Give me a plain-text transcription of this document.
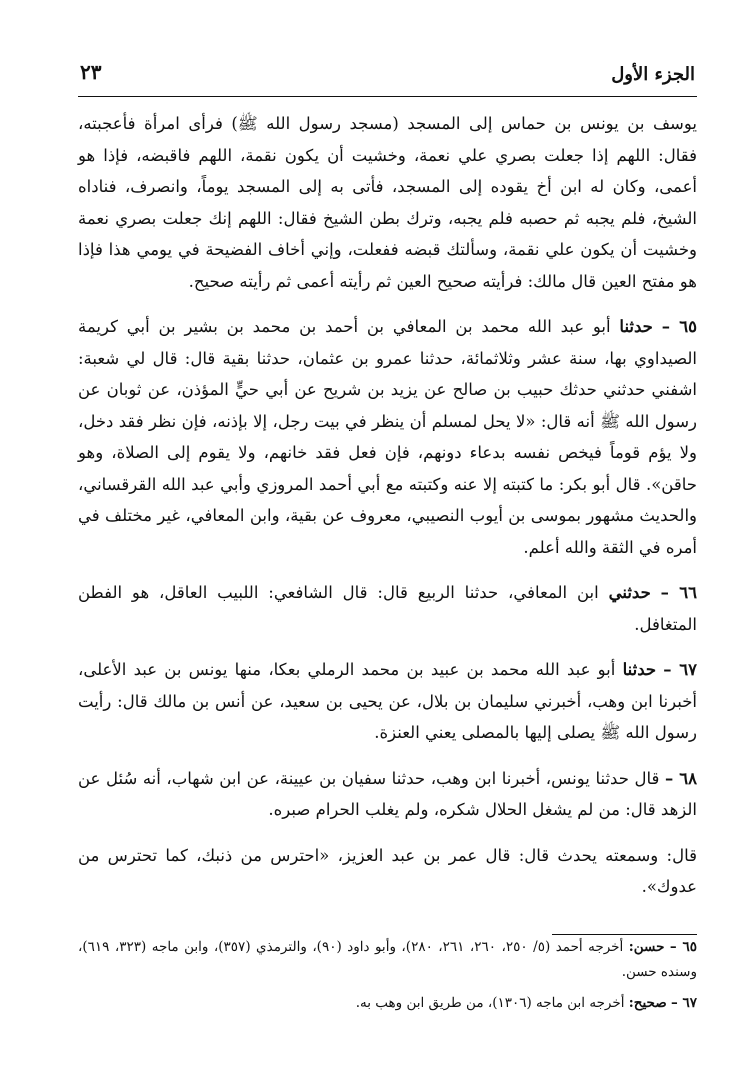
الجزء الأول
٢٣

يوسف بن يونس بن حماس إلى المسجد (مسجد رسول الله ﷺ) فرأى امرأة فأعجبته، فقال: اللهم إذا جعلت بصري علي نعمة، وخشيت أن يكون نقمة، اللهم فاقبضه، فإذا هو أعمى، وكان له ابن أخ يقوده إلى المسجد، فأتى به إلى المسجد يوماً، وانصرف، فناداه الشيخ، فلم يجبه ثم حصبه فلم يجبه، وترك بطن الشيخ فقال: اللهم إنك جعلت بصري نعمة وخشيت أن يكون علي نقمة، وسألتك قبضه ففعلت، وإني أخاف الفضيحة في يومي هذا فإذا هو مفتح العين قال مالك: فرأيته صحيح العين ثم رأيته أعمى ثم رأيته صحيح.

٦٥ – حدثنا أبو عبد الله محمد بن المعافي بن أحمد بن محمد بن بشير بن أبي كريمة الصيداوي بها، سنة عشر وثلاثمائة، حدثنا عمرو بن عثمان، حدثنا بقية قال: قال لي شعبة: اشفني حدثني حدثك حبيب بن صالح عن يزيد بن شريح عن أبي حيٍّ المؤذن، عن ثوبان عن رسول الله ﷺ أنه قال: «لا يحل لمسلم أن ينظر في بيت رجل، إلا بإذنه، فإن نظر فقد دخل، ولا يؤم قوماً فيخص نفسه بدعاء دونهم، فإن فعل فقد خانهم، ولا يقوم إلى الصلاة، وهو حاقن». قال أبو بكر: ما كتبته إلا عنه وكتبته مع أبي أحمد المروزي وأبي عبد الله القرقساني، والحديث مشهور بموسى بن أيوب النصيبي، معروف عن بقية، وابن المعافي، غير مختلف في أمره في الثقة والله أعلم.

٦٦ – حدثني ابن المعافي، حدثنا الربيع قال: قال الشافعي: اللبيب العاقل، هو الفطن المتغافل.

٦٧ – حدثنا أبو عبد الله محمد بن عبيد بن محمد الرملي بعكا، منها يونس بن عبد الأعلى، أخبرنا ابن وهب، أخبرني سليمان بن بلال، عن يحيى بن سعيد، عن أنس بن مالك قال: رأيت رسول الله ﷺ يصلى إليها بالمصلى يعني العنزة.

٦٨ – قال حدثنا يونس، أخبرنا ابن وهب، حدثنا سفيان بن عيينة، عن ابن شهاب، أنه سُئل عن الزهد قال: من لم يشغل الحلال شكره، ولم يغلب الحرام صبره.

قال: وسمعته يحدث قال: قال عمر بن عبد العزيز، «احترس من ذنبك، كما تحترس من عدوك».

٦٥ – حسن: أخرجه أحمد (٥/ ٢٥٠، ٢٦٠، ٢٦١، ٢٨٠)، وأبو داود (٩٠)، والترمذي (٣٥٧)، وابن ماجه (٣٢٣، ٦١٩)، وسنده حسن.

٦٧ – صحيح: أخرجه ابن ماجه (١٣٠٦)، من طريق ابن وهب به.
